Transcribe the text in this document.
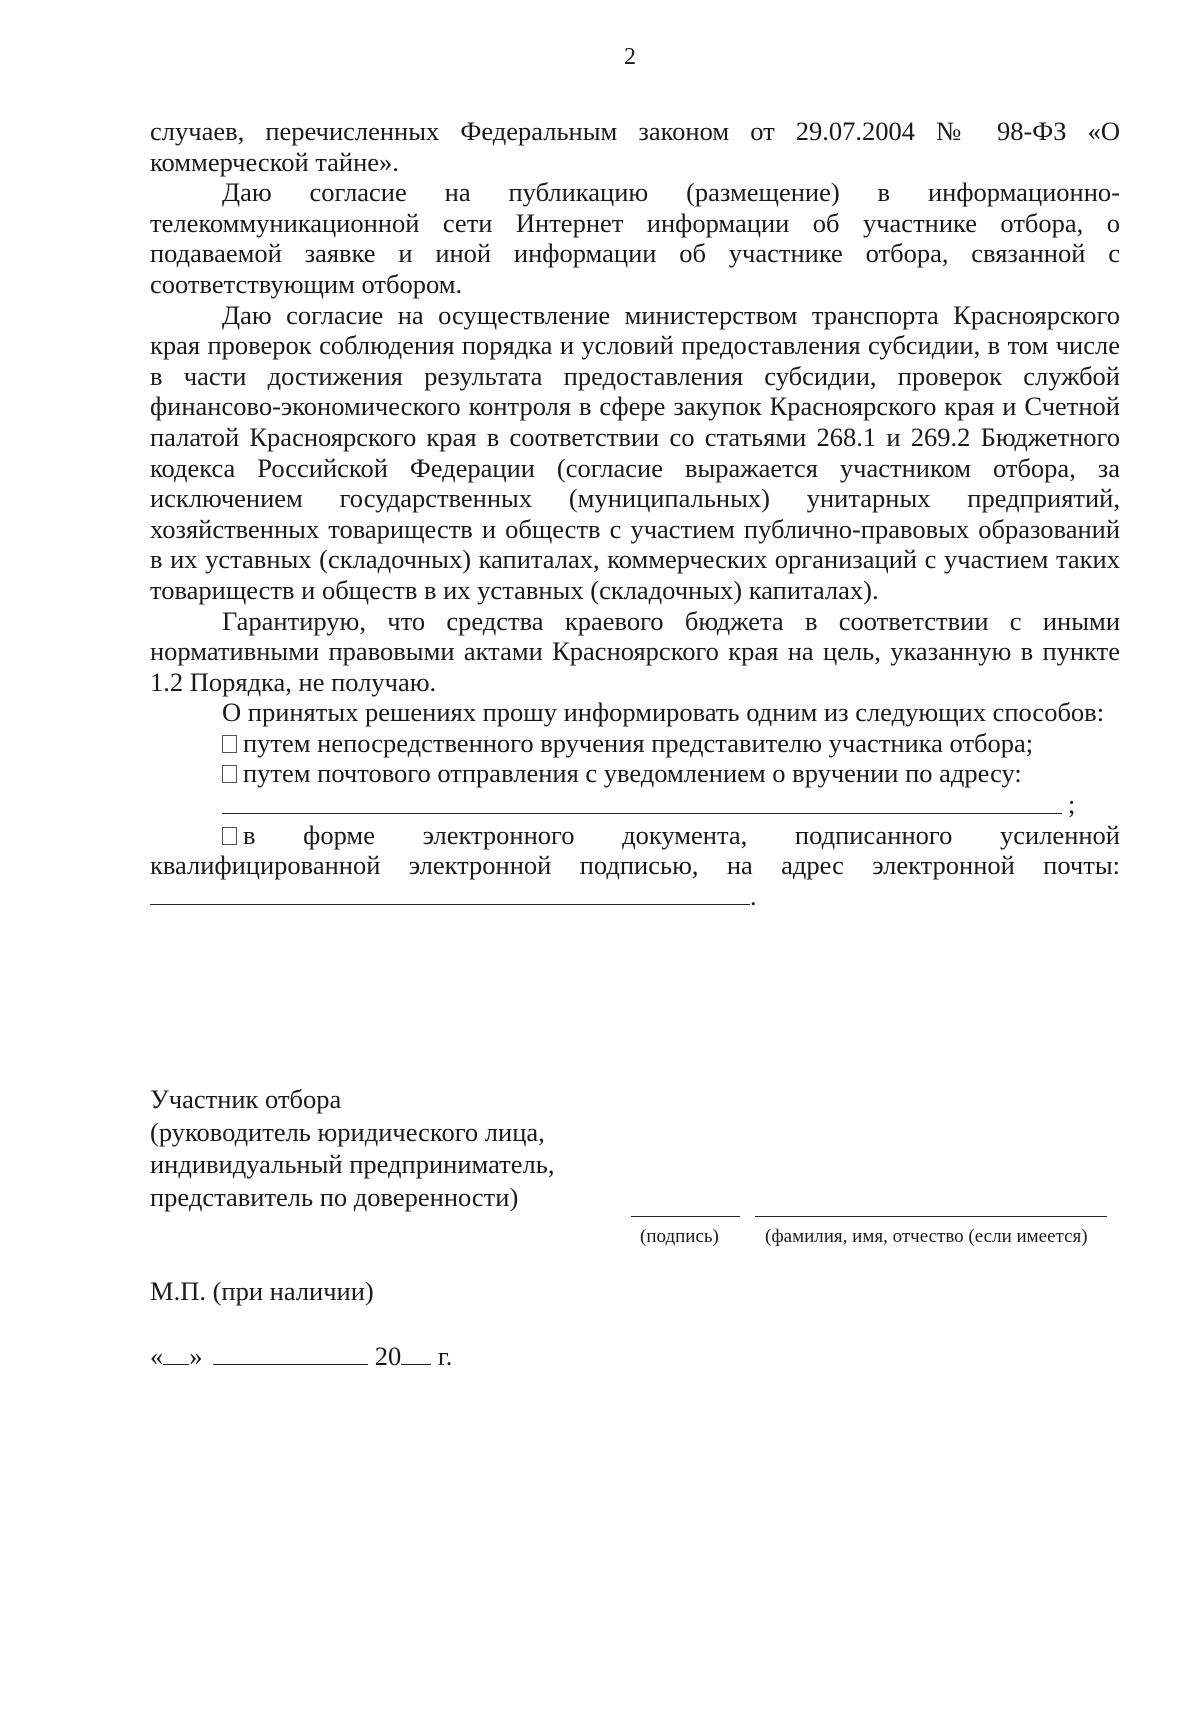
2

случаев, перечисленных Федеральным законом от 29.07.2004 № 98-ФЗ «О коммерческой тайне».

Даю согласие на публикацию (размещение) в информационно-телекоммуникационной сети Интернет информации об участнике отбора, о подаваемой заявке и иной информации об участнике отбора, связанной с соответствующим отбором.

Даю согласие на осуществление министерством транспорта Красноярского края проверок соблюдения порядка и условий предоставления субсидии, в том числе в части достижения результата предоставления субсидии, проверок службой финансово-экономического контроля в сфере закупок Красноярского края и Счетной палатой Красноярского края в соответствии со статьями 268.1 и 269.2 Бюджетного кодекса Российской Федерации (согласие выражается участником отбора, за исключением государственных (муниципальных) унитарных предприятий, хозяйственных товариществ и обществ с участием публично-правовых образований в их уставных (складочных) капиталах, коммерческих организаций с участием таких товариществ и обществ в их уставных (складочных) капиталах).

Гарантирую, что средства краевого бюджета в соответствии с иными нормативными правовыми актами Красноярского края на цель, указанную в пункте 1.2 Порядка, не получаю.

О принятых решениях прошу информировать одним из следующих способов:

путем непосредственного вручения представителю участника отбора;

путем почтового отправления с уведомлением о вручении по адресу:

;

в форме электронного документа, подписанного усиленной квалифицированной электронной подписью, на адрес электронной почты:.

Участник отбора
(руководитель юридического лица,
индивидуальный предприниматель,
представитель по доверенности)
(подпись) (фамилия, имя, отчество (если имеется)
М.П. (при наличии)
« »	20 г.
